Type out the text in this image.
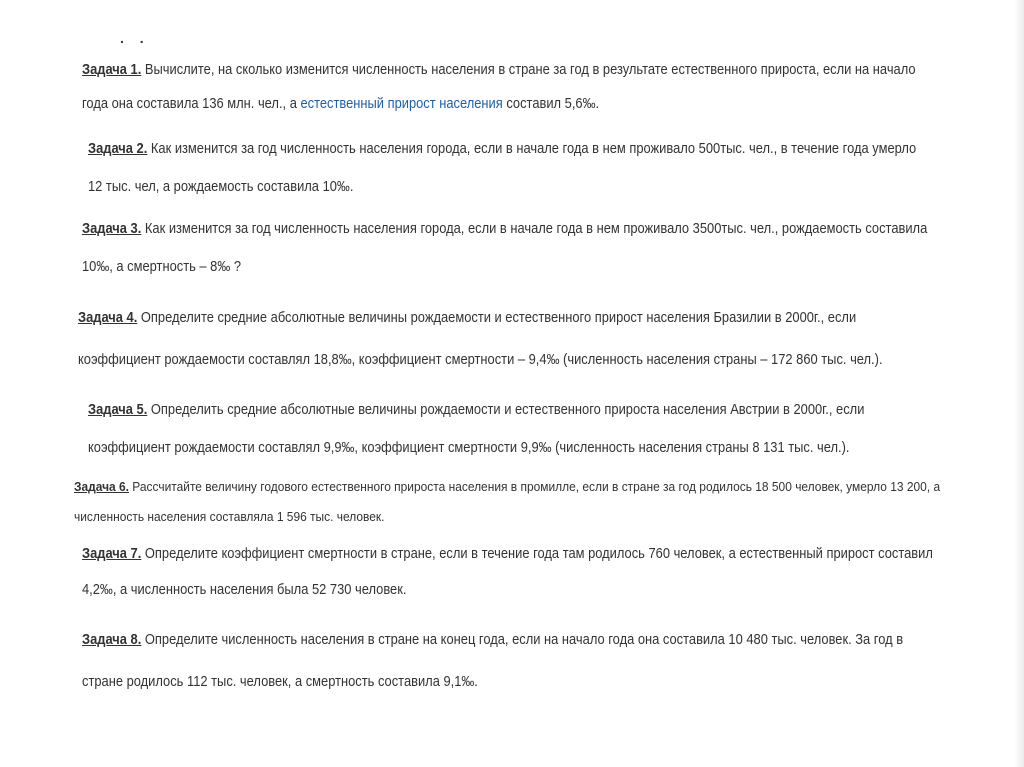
. .
Задача 1. Вычислите, на сколько изменится численность населения в стране за год в результате естественного прироста, если на начало года она составила 136 млн. чел., а естественный прирост населения составил 5,6‰.
Задача 2. Как изменится за год численность населения города, если в начале года в нем проживало 500тыс. чел., в течение года умерло 12 тыс. чел, а рождаемость составила 10‰.
Задача 3. Как изменится за год численность населения города, если в начале года в нем проживало 3500тыс. чел., рождаемость составила 10‰, а смертность – 8‰ ?
Задача 4. Определите средние абсолютные величины рождаемости и естественного прирост населения Бразилии в 2000г., если коэффициент рождаемости составлял 18,8‰, коэффициент смертности – 9,4‰ (численность населения страны – 172 860 тыс. чел.).
Задача 5. Определить средние абсолютные величины рождаемости и естественного прироста населения Австрии в 2000г., если коэффициент рождаемости составлял 9,9‰, коэффициент смертности 9,9‰ (численность населения страны 8 131 тыс. чел.).
Задача 6. Рассчитайте величину годового естественного прироста населения в промилле, если в стране за год родилось 18 500 человек, умерло 13 200, а численность населения составляла 1 596 тыс. человек.
Задача 7. Определите коэффициент смертности в стране, если в течение года там родилось 760 человек, а естественный прирост составил 4,2‰, а численность населения была 52 730 человек.
Задача 8. Определите численность населения в стране на конец года, если на начало года она составила 10 480 тыс. человек. За год в стране родилось 112 тыс. человек, а смертность составила 9,1‰.
